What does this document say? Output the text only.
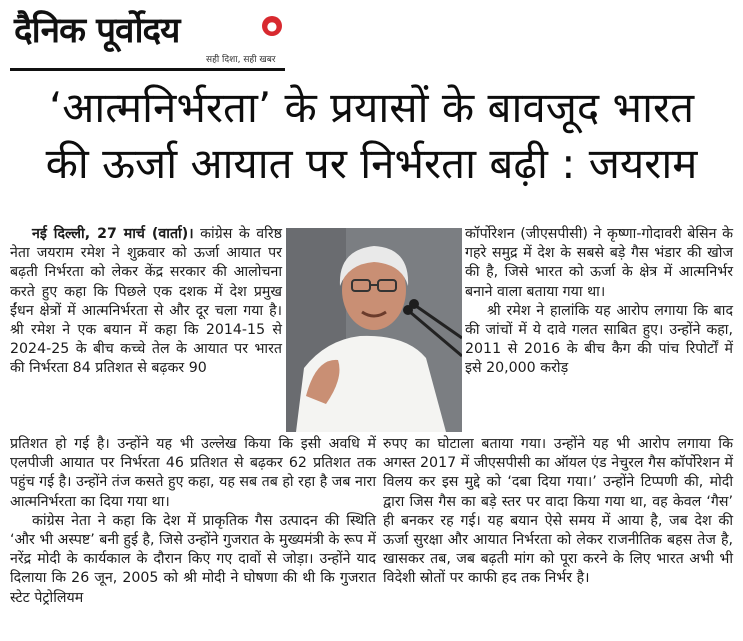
दैनिक पूर्वोदय	●
सही दिशा, सही खबर
‘आत्मनिर्भरता’ के प्रयासों के बावजूद भारत
की ऊर्जा आयात पर निर्भरता बढ़ी : जयराम

नई दिल्ली, 27 मार्च (वार्ता)। कांग्रेस के वरिष्ठ नेता जयराम रमेश ने शुक्रवार को ऊर्जा आयात पर बढ़ती निर्भरता को लेकर केंद्र सरकार की आलोचना करते हुए कहा कि पिछले एक दशक में देश प्रमुख ईंधन क्षेत्रों में आत्मनिर्भरता से और दूर चला गया है। श्री रमेश ने एक बयान में कहा कि 2014-15 से 2024-25 के बीच कच्चे तेल के आयात पर भारत की निर्भरता 84 प्रतिशत से बढ़कर 90

कॉर्पोरेशन (जीएसपीसी) ने कृष्णा-गोदावरी बेसिन के गहरे समुद्र में देश के सबसे बड़े गैस भंडार की खोज की है, जिसे भारत को ऊर्जा के क्षेत्र में आत्मनिर्भर बनाने वाला बताया गया था।

श्री रमेश ने हालांकि यह आरोप लगाया कि बाद की जांचों में ये दावे गलत साबित हुए। उन्होंने कहा, 2011 से 2016 के बीच कैग की पांच रिपोर्टों में इसे 20,000 करोड़

प्रतिशत हो गई है। उन्होंने यह भी उल्लेख किया कि इसी अवधि में एलपीजी आयात पर निर्भरता 46 प्रतिशत से बढ़कर 62 प्रतिशत तक पहुंच गई है। उन्होंने तंज कसते हुए कहा, यह सब तब हो रहा है जब नारा आत्मनिर्भरता का दिया गया था।

कांग्रेस नेता ने कहा कि देश में प्राकृतिक गैस उत्पादन की स्थिति ‘और भी अस्पष्ट’ बनी हुई है, जिसे उन्होंने गुजरात के मुख्यमंत्री के रूप में नरेंद्र मोदी के कार्यकाल के दौरान किए गए दावों से जोड़ा। उन्होंने याद दिलाया कि 26 जून, 2005 को श्री मोदी ने घोषणा की थी कि गुजरात स्टेट पेट्रोलियम

रुपए का घोटाला बताया गया। उन्होंने यह भी आरोप लगाया कि अगस्त 2017 में जीएसपीसी का ऑयल एंड नेचुरल गैस कॉर्पोरेशन में विलय कर इस मुद्दे को ‘दबा दिया गया।’ उन्होंने टिप्पणी की, मोदी द्वारा जिस गैस का बड़े स्तर पर वादा किया गया था, वह केवल ‘गैस’ ही बनकर रह गई। यह बयान ऐसे समय में आया है, जब देश की ऊर्जा सुरक्षा और आयात निर्भरता को लेकर राजनीतिक बहस तेज है, खासकर तब, जब बढ़ती मांग को पूरा करने के लिए भारत अभी भी विदेशी स्रोतों पर काफी हद तक निर्भर है।
